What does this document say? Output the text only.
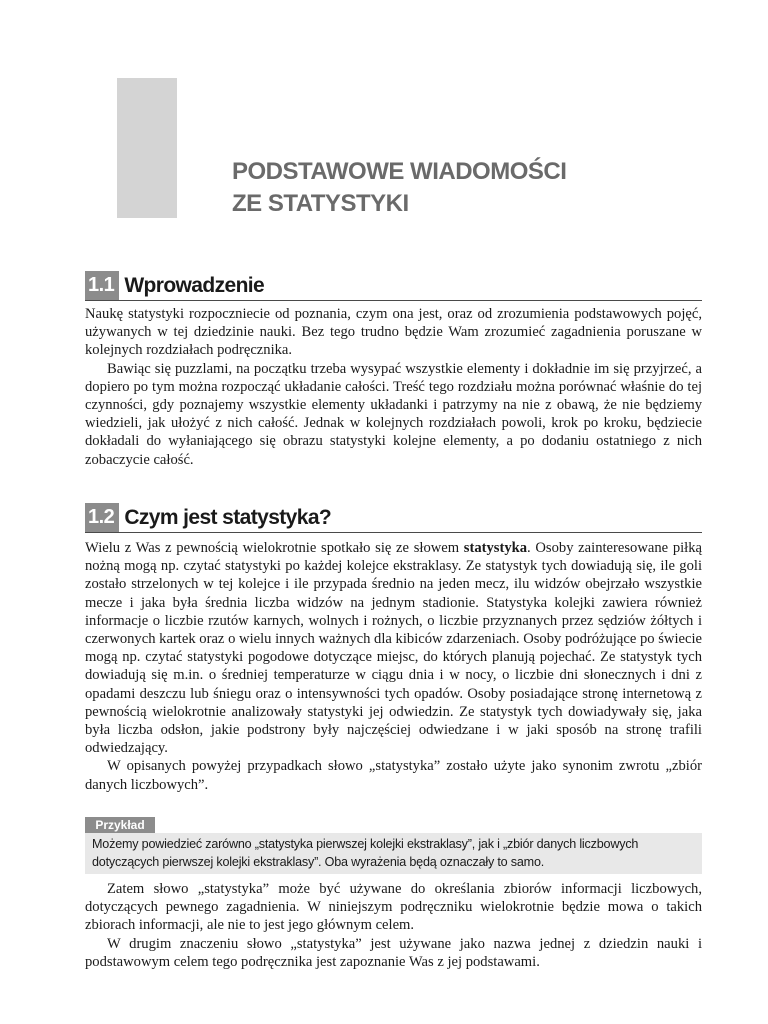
PODSTAWOWE WIADOMOŚCI
ZE STATYSTYKI
1.1 Wprowadzenie

Naukę statystyki rozpoczniecie od poznania, czym ona jest, oraz od zrozumienia podstawowych pojęć, używanych w tej dziedzinie nauki. Bez tego trudno będzie Wam zrozumieć zagadnienia poruszane w kolejnych rozdziałach podręcznika.

Bawiąc się puzzlami, na początku trzeba wysypać wszystkie elementy i dokładnie im się przyjrzeć, a dopiero po tym można rozpocząć układanie całości. Treść tego rozdziału można porównać właśnie do tej czynności, gdy poznajemy wszystkie elementy układanki i patrzymy na nie z obawą, że nie będziemy wiedzieli, jak ułożyć z nich całość. Jednak w kolejnych rozdziałach powoli, krok po kroku, będziecie dokładali do wyłaniającego się obrazu statystyki kolejne elementy, a po dodaniu ostatniego z nich zobaczycie całość.

1.2 Czym jest statystyka?

Wielu z Was z pewnością wielokrotnie spotkało się ze słowem statystyka. Osoby zainteresowane piłką nożną mogą np. czytać statystyki po każdej kolejce ekstraklasy. Ze statystyk tych dowiadują się, ile goli zostało strzelonych w tej kolejce i ile przypada średnio na jeden mecz, ilu widzów obejrzało wszystkie mecze i jaka była średnia liczba widzów na jednym stadionie. Statystyka kolejki zawiera również informacje o liczbie rzutów karnych, wolnych i rożnych, o liczbie przyznanych przez sędziów żółtych i czerwonych kartek oraz o wielu innych ważnych dla kibiców zdarzeniach. Osoby podróżujące po świecie mogą np. czytać statystyki pogodowe dotyczące miejsc, do których planują pojechać. Ze statystyk tych dowiadują się m.in. o średniej temperaturze w ciągu dnia i w nocy, o liczbie dni słonecznych i dni z opadami deszczu lub śniegu oraz o intensywności tych opadów. Osoby posiadające stronę internetową z pewnością wielokrotnie analizowały statystyki jej odwiedzin. Ze statystyk tych dowiadywały się, jaka była liczba odsłon, jakie podstrony były najczęściej odwiedzane i w jaki sposób na stronę trafili odwiedzający.

W opisanych powyżej przypadkach słowo „statystyka” zostało użyte jako synonim zwrotu „zbiór danych liczbowych”.

Przykład
Możemy powiedzieć zarówno „statystyka pierwszej kolejki ekstraklasy”, jak i „zbiór danych liczbowych dotyczących pierwszej kolejki ekstraklasy”. Oba wyrażenia będą oznaczały to samo.

Zatem słowo „statystyka” może być używane do określania zbiorów informacji liczbowych, dotyczących pewnego zagadnienia. W niniejszym podręczniku wielokrotnie będzie mowa o takich zbiorach informacji, ale nie to jest jego głównym celem.

W drugim znaczeniu słowo „statystyka” jest używane jako nazwa jednej z dziedzin nauki i podstawowym celem tego podręcznika jest zapoznanie Was z jej podstawami.
